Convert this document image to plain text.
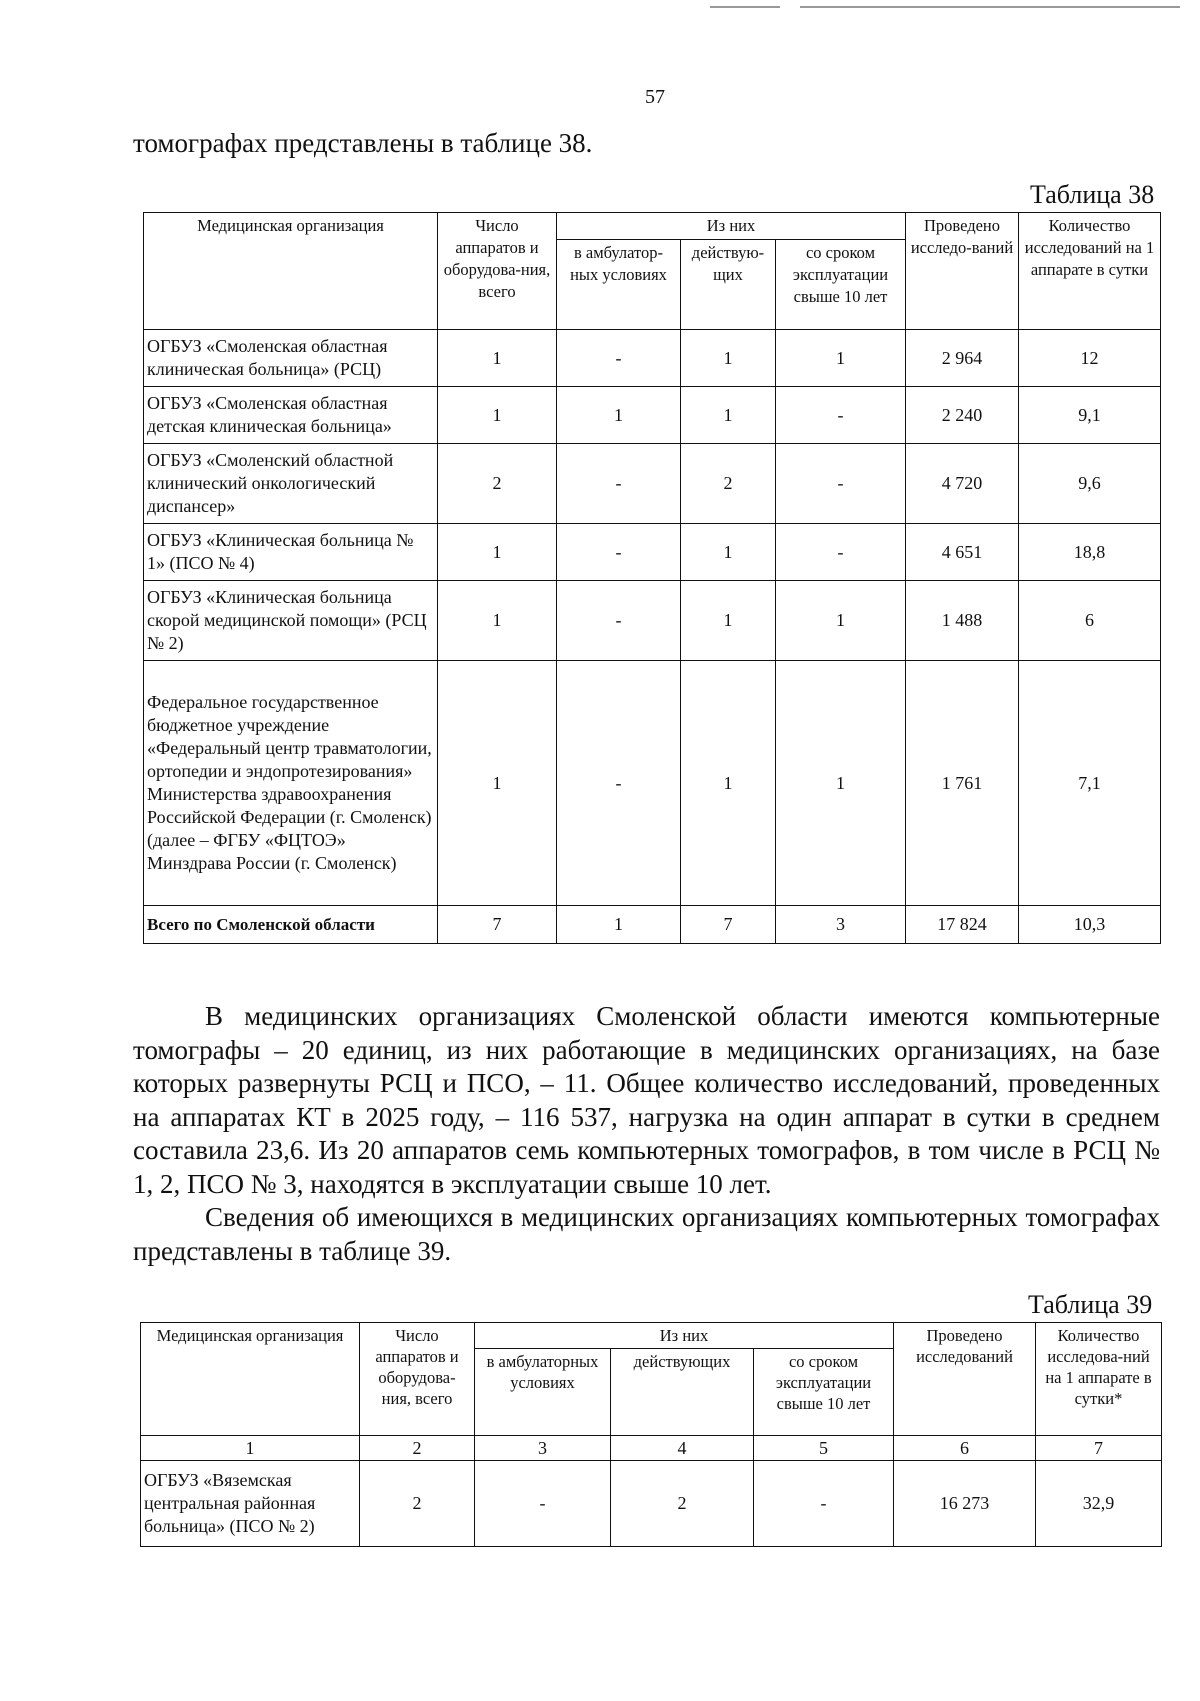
57
томографах представлены в таблице 38.
Таблица 38
Медицинская организация	Число аппаратов и оборудова-ния, всего	Из них			Проведено исследо-ваний	Количество исследований на 1 аппарате в сутки
		в амбулатор-ных условиях	действую-щих	со сроком эксплуатации свыше 10 лет		
ОГБУЗ «Смоленская областная клиническая больница» (РСЦ)	1	-	1	1	2 964	12
ОГБУЗ «Смоленская областная детская клиническая больница»	1	1	1	-	2 240	9,1
ОГБУЗ «Смоленский областной клинический онкологический диспансер»	2	-	2	-	4 720	9,6
ОГБУЗ «Клиническая больница № 1» (ПСО № 4)	1	-	1	-	4 651	18,8
ОГБУЗ «Клиническая больница скорой медицинской помощи» (РСЦ № 2)	1	-	1	1	1 488	6
Федеральное государственное бюджетное учреждение «Федеральный центр травматологии, ортопедии и эндопротезирования» Министерства здравоохранения Российской Федерации (г. Смоленск) (далее – ФГБУ «ФЦТОЭ» Минздрава России (г. Смоленск)	1	-	1	1	1 761	7,1
Всего по Смоленской области	7	1	7	3	17 824	10,3

В медицинских организациях Смоленской области имеются компьютерные томографы – 20 единиц, из них работающие в медицинских организациях, на базе которых развернуты РСЦ и ПСО, – 11. Общее количество исследований, проведенных на аппаратах КТ в 2025 году, – 116 537, нагрузка на один аппарат в сутки в среднем составила 23,6. Из 20 аппаратов семь компьютерных томографов, в том числе в РСЦ № 1, 2, ПСО № 3, находятся в эксплуатации свыше 10 лет.

Сведения об имеющихся в медицинских организациях компьютерных томографах представлены в таблице 39.

Таблица 39
Медицинская организация	Число аппаратов и оборудова-ния, всего	Из них			Проведено исследований	Количество исследова-ний на 1 аппарате в сутки*
		в амбулаторных условиях	действующих	со сроком эксплуатации свыше 10 лет		
1	2	3	4	5	6	7
ОГБУЗ «Вяземская центральная районная больница» (ПСО № 2)	2	-	2	-	16 273	32,9
